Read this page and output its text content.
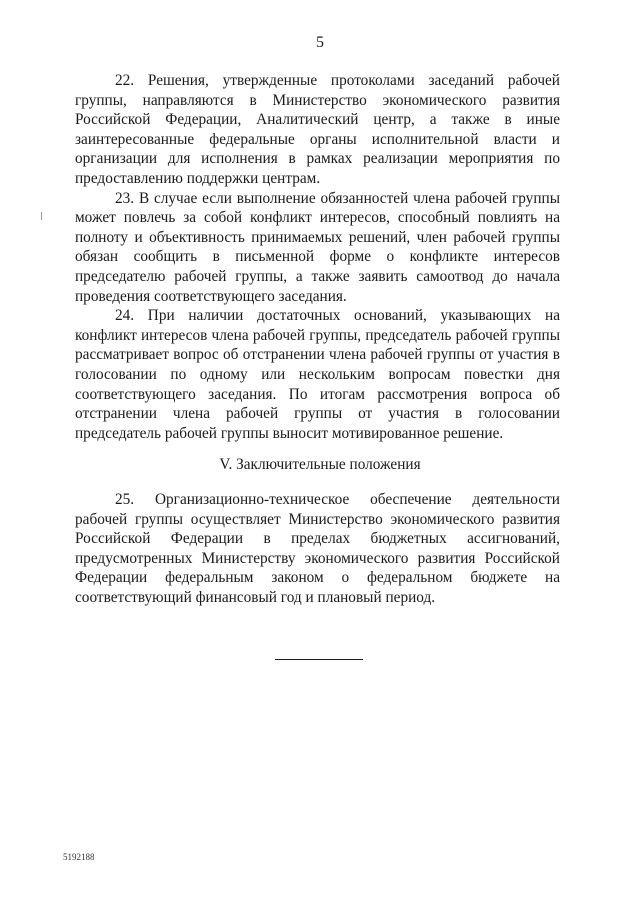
5

22. Решения, утвержденные протоколами заседаний рабочей группы, направляются в Министерство экономического развития Российской Федерации, Аналитический центр, а также в иные заинтересованные федеральные органы исполнительной власти и организации для исполнения в рамках реализации мероприятия по предоставлению поддержки центрам.

23. В случае если выполнение обязанностей члена рабочей группы может повлечь за собой конфликт интересов, способный повлиять на полноту и объективность принимаемых решений, член рабочей группы обязан сообщить в письменной форме о конфликте интересов председателю рабочей группы, а также заявить самоотвод до начала проведения соответствующего заседания.

24. При наличии достаточных оснований, указывающих на конфликт интересов члена рабочей группы, председатель рабочей группы рассматривает вопрос об отстранении члена рабочей группы от участия в голосовании по одному или нескольким вопросам повестки дня соответствующего заседания. По итогам рассмотрения вопроса об отстранении члена рабочей группы от участия в голосовании председатель рабочей группы выносит мотивированное решение.

V. Заключительные положения

25. Организационно-техническое обеспечение деятельности рабочей группы осуществляет Министерство экономического развития Российской Федерации в пределах бюджетных ассигнований, предусмотренных Министерству экономического развития Российской Федерации федеральным законом о федеральном бюджете на соответствующий финансовый год и плановый период.

5192188
